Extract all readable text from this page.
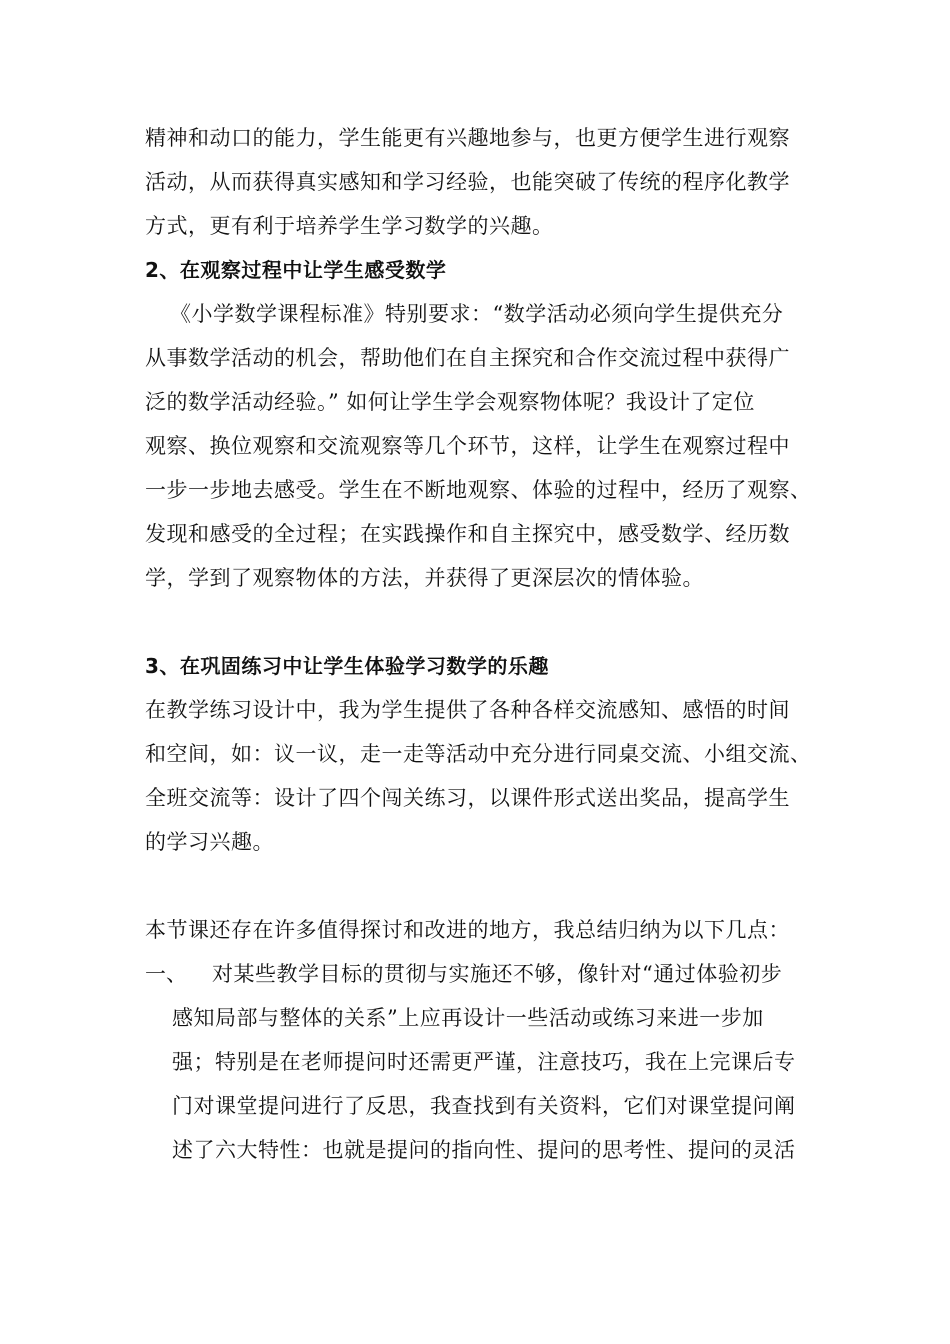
精神和动口的能力，学生能更有兴趣地参与，也更方便学生进行观察
活动，从而获得真实感知和学习经验，也能突破了传统的程序化教学
方式，更有利于培养学生学习数学的兴趣。
2、在观察过程中让学生感受数学
《小学数学课程标准》特别要求：“数学活动必须向学生提供充分
从事数学活动的机会，帮助他们在自主探究和合作交流过程中获得广
泛的数学活动经验。” 如何让学生学会观察物体呢？我设计了定位
观察、换位观察和交流观察等几个环节，这样，让学生在观察过程中
一步一步地去感受。学生在不断地观察、体验的过程中，经历了观察、
发现和感受的全过程；在实践操作和自主探究中，感受数学、经历数
学，学到了观察物体的方法，并获得了更深层次的情体验。
3、在巩固练习中让学生体验学习数学的乐趣
在教学练习设计中，我为学生提供了各种各样交流感知、感悟的时间
和空间，如：议一议，走一走等活动中充分进行同桌交流、小组交流、
全班交流等：设计了四个闯关练习，以课件形式送出奖品，提高学生
的学习兴趣。
本节课还存在许多值得探讨和改进的地方，我总结归纳为以下几点：
一、 对某些教学目标的贯彻与实施还不够，像针对“通过体验初步
感知局部与整体的关系”上应再设计一些活动或练习来进一步加
强；特别是在老师提问时还需更严谨，注意技巧，我在上完课后专
门对课堂提问进行了反思，我查找到有关资料，它们对课堂提问阐
述了六大特性：也就是提问的指向性、提问的思考性、提问的灵活
